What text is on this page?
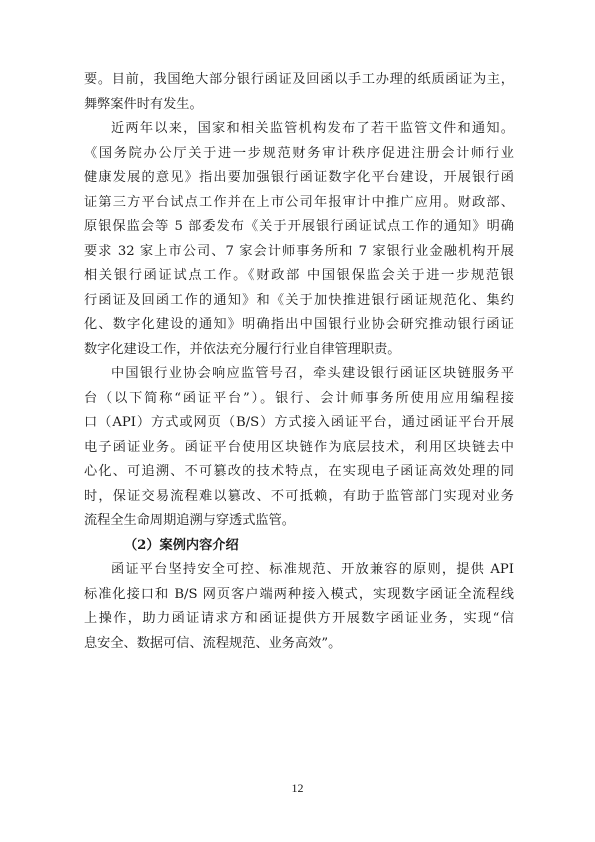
要。目前，我国绝大部分银行函证及回函以手工办理的纸质函证为主，
舞弊案件时有发生。
近两年以来，国家和相关监管机构发布了若干监管文件和通知。
《国务院办公厅关于进一步规范财务审计秩序促进注册会计师行业
健康发展的意见》指出要加强银行函证数字化平台建设，开展银行函
证第三方平台试点工作并在上市公司年报审计中推广应用。财政部、
原银保监会等 5 部委发布《关于开展银行函证试点工作的通知》明确
要求 32 家上市公司、7 家会计师事务所和 7 家银行业金融机构开展
相关银行函证试点工作。《财政部 中国银保监会关于进一步规范银
行函证及回函工作的通知》和《关于加快推进银行函证规范化、集约
化、数字化建设的通知》明确指出中国银行业协会研究推动银行函证
数字化建设工作，并依法充分履行行业自律管理职责。
中国银行业协会响应监管号召，牵头建设银行函证区块链服务平
台（以下简称“函证平台”）。银行、会计师事务所使用应用编程接
口（API）方式或网页（B/S）方式接入函证平台，通过函证平台开展
电子函证业务。函证平台使用区块链作为底层技术，利用区块链去中
心化、可追溯、不可篡改的技术特点，在实现电子函证高效处理的同
时，保证交易流程难以篡改、不可抵赖，有助于监管部门实现对业务
流程全生命周期追溯与穿透式监管。
（2）案例内容介绍
函证平台坚持安全可控、标准规范、开放兼容的原则，提供 API
标准化接口和 B/S 网页客户端两种接入模式，实现数字函证全流程线
上操作，助力函证请求方和函证提供方开展数字函证业务，实现“信
息安全、数据可信、流程规范、业务高效”。
12
